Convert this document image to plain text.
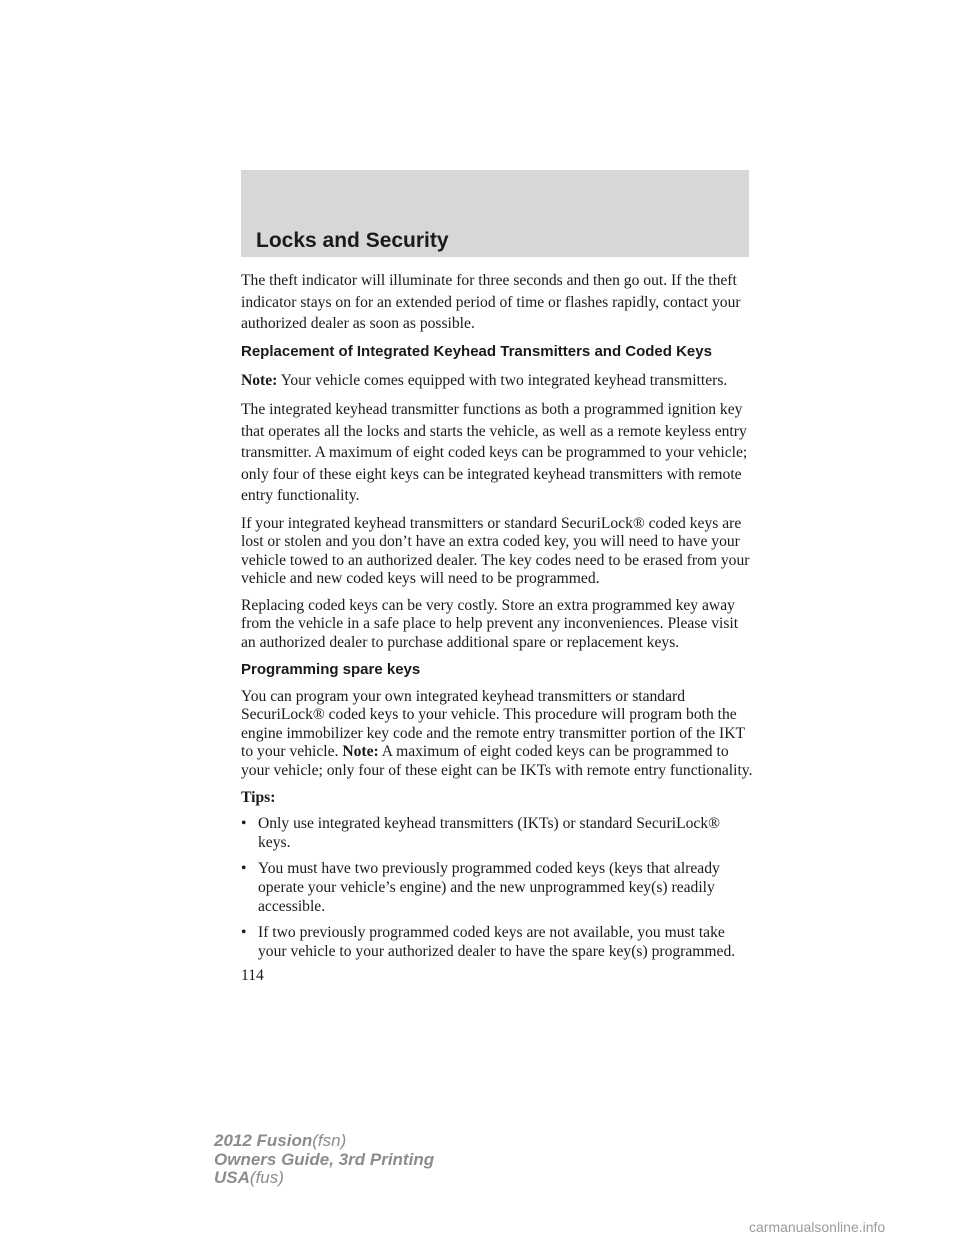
Locks and Security

The theft indicator will illuminate for three seconds and then go out. If the theft indicator stays on for an extended period of time or flashes rapidly, contact your authorized dealer as soon as possible.

Replacement of Integrated Keyhead Transmitters and Coded Keys

Note: Your vehicle comes equipped with two integrated keyhead transmitters.

The integrated keyhead transmitter functions as both a programmed ignition key that operates all the locks and starts the vehicle, as well as a remote keyless entry transmitter. A maximum of eight coded keys can be programmed to your vehicle; only four of these eight keys can be integrated keyhead transmitters with remote entry functionality.

If your integrated keyhead transmitters or standard SecuriLock® coded keys are lost or stolen and you don’t have an extra coded key, you will need to have your vehicle towed to an authorized dealer. The key codes need to be erased from your vehicle and new coded keys will need to be programmed.

Replacing coded keys can be very costly. Store an extra programmed key away from the vehicle in a safe place to help prevent any inconveniences. Please visit an authorized dealer to purchase additional spare or replacement keys.

Programming spare keys

You can program your own integrated keyhead transmitters or standard SecuriLock® coded keys to your vehicle. This procedure will program both the engine immobilizer key code and the remote entry transmitter portion of the IKT to your vehicle. Note: A maximum of eight coded keys can be programmed to your vehicle; only four of these eight can be IKTs with remote entry functionality.

Tips:

• Only use integrated keyhead transmitters (IKTs) or standard SecuriLock® keys.
• You must have two previously programmed coded keys (keys that already operate your vehicle’s engine) and the new unprogrammed key(s) readily accessible.
• If two previously programmed coded keys are not available, you must take your vehicle to your authorized dealer to have the spare key(s) programmed.
114
2012 Fusion(fsn)
Owners Guide, 3rd Printing
USA(fus)
carmanualsonline.info
